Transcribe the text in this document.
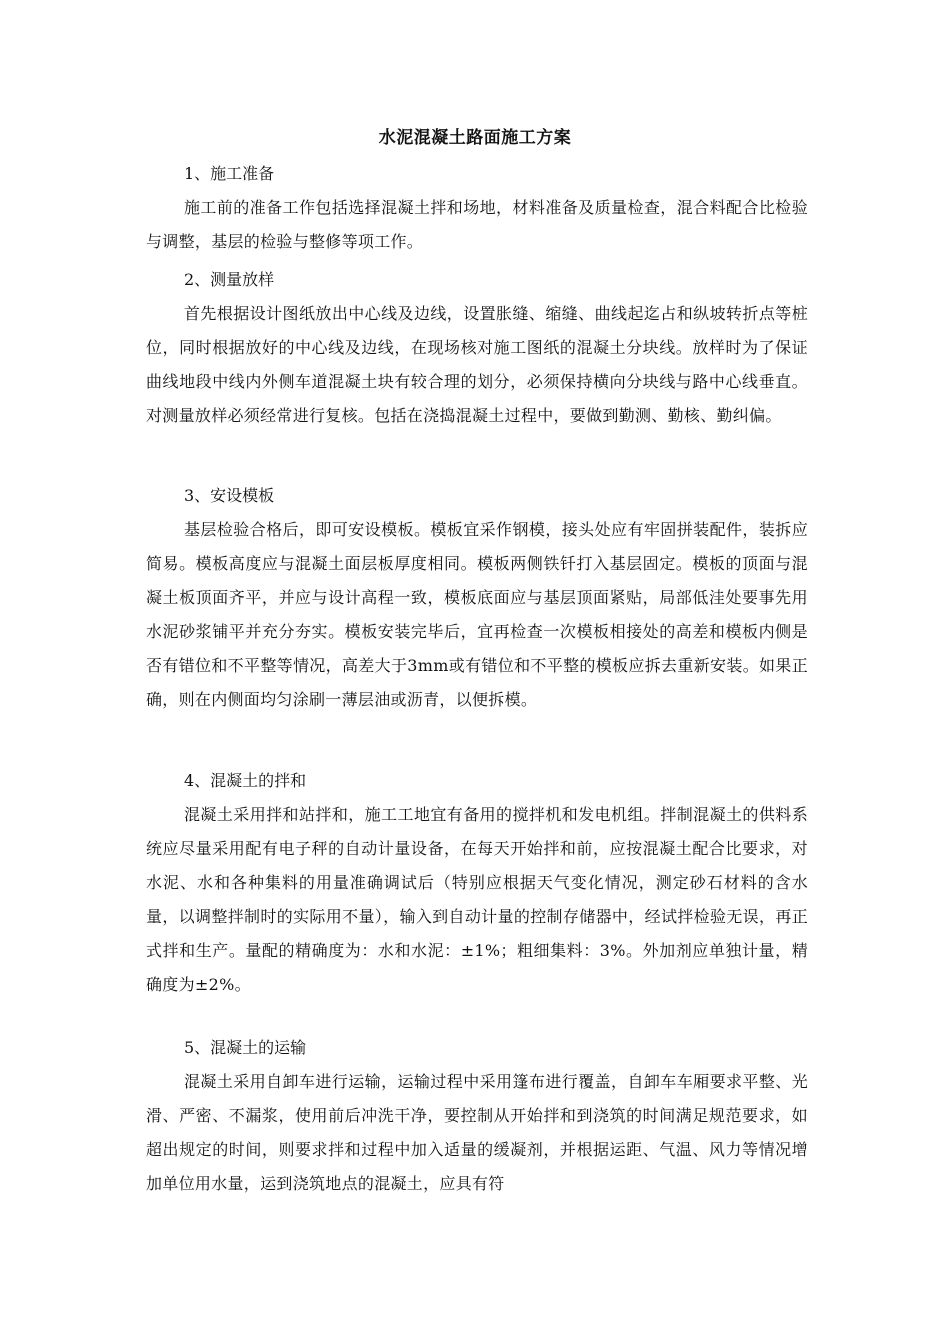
水泥混凝土路面施工方案
1、施工准备

施工前的准备工作包括选择混凝土拌和场地，材料准备及质量检查，混合料配合比检验与调整，基层的检验与整修等项工作。

2、测量放样

首先根据设计图纸放出中心线及边线，设置胀缝、缩缝、曲线起迄占和纵坡转折点等桩位，同时根据放好的中心线及边线，在现场核对施工图纸的混凝土分块线。放样时为了保证曲线地段中线内外侧车道混凝土块有较合理的划分，必须保持横向分块线与路中心线垂直。对测量放样必须经常进行复核。包括在浇捣混凝土过程中，要做到勤测、勤核、勤纠偏。

3、安设模板

基层检验合格后，即可安设模板。模板宜采作钢模，接头处应有牢固拼装配件，装拆应简易。模板高度应与混凝土面层板厚度相同。模板两侧铁钎打入基层固定。模板的顶面与混凝土板顶面齐平，并应与设计高程一致，模板底面应与基层顶面紧贴，局部低洼处要事先用水泥砂浆铺平并充分夯实。模板安装完毕后，宜再检查一次模板相接处的高差和模板内侧是否有错位和不平整等情况，高差大于3mm或有错位和不平整的模板应拆去重新安装。如果正确，则在内侧面均匀涂刷一薄层油或沥青，以便拆模。

4、混凝土的拌和

混凝土采用拌和站拌和，施工工地宜有备用的搅拌机和发电机组。拌制混凝土的供料系统应尽量采用配有电子秤的自动计量设备，在每天开始拌和前，应按混凝土配合比要求，对水泥、水和各种集料的用量准确调试后（特别应根据天气变化情况，测定砂石材料的含水量，以调整拌制时的实际用不量），输入到自动计量的控制存储器中，经试拌检验无误，再正式拌和生产。量配的精确度为：水和水泥：±1%；粗细集料：3%。外加剂应单独计量，精确度为±2%。

5、混凝土的运输

混凝土采用自卸车进行运输，运输过程中采用篷布进行覆盖，自卸车车厢要求平整、光滑、严密、不漏浆，使用前后冲洗干净，要控制从开始拌和到浇筑的时间满足规范要求，如超出规定的时间，则要求拌和过程中加入适量的缓凝剂，并根据运距、气温、风力等情况增加单位用水量，运到浇筑地点的混凝土，应具有符
